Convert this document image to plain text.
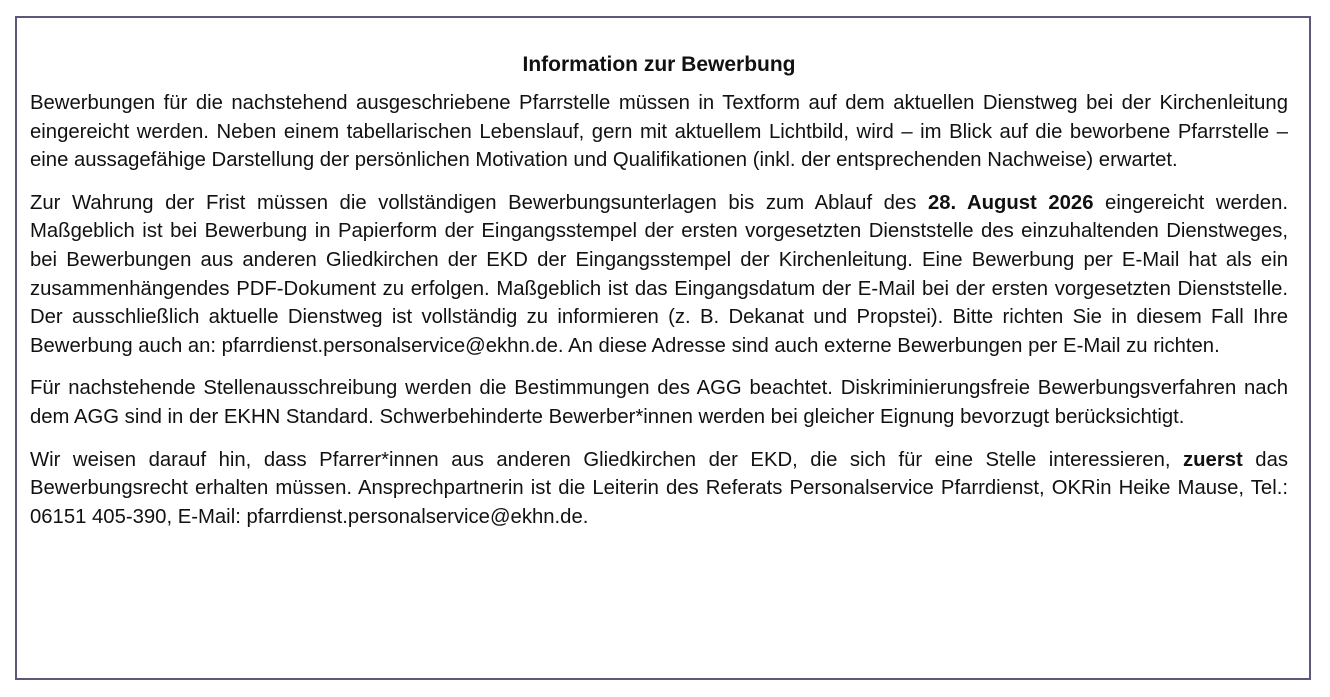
Information zur Bewerbung

Bewerbungen für die nachstehend ausgeschriebene Pfarrstelle müssen in Textform auf dem aktuellen Dienstweg bei der Kirchenleitung eingereicht werden. Neben einem tabellarischen Lebenslauf, gern mit aktuellem Lichtbild, wird – im Blick auf die beworbene Pfarrstelle – eine aussagefähige Darstellung der persönlichen Motivation und Qualifikationen (inkl. der entsprechenden Nachweise) erwartet.

Zur Wahrung der Frist müssen die vollständigen Bewerbungsunterlagen bis zum Ablauf des 28. August 2026 eingereicht werden. Maßgeblich ist bei Bewerbung in Papierform der Eingangsstempel der ersten vorgesetzten Dienststelle des einzuhaltenden Dienstweges, bei Bewerbungen aus anderen Gliedkirchen der EKD der Eingangsstempel der Kirchenleitung. Eine Bewerbung per E-Mail hat als ein zusammenhängendes PDF-Dokument zu erfolgen. Maßgeblich ist das Eingangsdatum der E-Mail bei der ersten vorgesetzten Dienststelle. Der ausschließlich aktuelle Dienstweg ist vollständig zu informieren (z. B. Dekanat und Propstei). Bitte richten Sie in diesem Fall Ihre Bewerbung auch an: pfarrdienst.personalservice@ekhn.de. An diese Adresse sind auch externe Bewerbungen per E-Mail zu richten.

Für nachstehende Stellenausschreibung werden die Bestimmungen des AGG beachtet. Diskriminierungsfreie Bewerbungsverfahren nach dem AGG sind in der EKHN Standard. Schwerbehinderte Bewerber*innen werden bei gleicher Eignung bevorzugt berücksichtigt.

Wir weisen darauf hin, dass Pfarrer*innen aus anderen Gliedkirchen der EKD, die sich für eine Stelle interessieren, zuerst das Bewerbungsrecht erhalten müssen. Ansprechpartnerin ist die Leiterin des Referats Personalservice Pfarrdienst, OKRin Heike Mause, Tel.: 06151 405-390, E-Mail: pfarrdienst.personalservice@ekhn.de.
